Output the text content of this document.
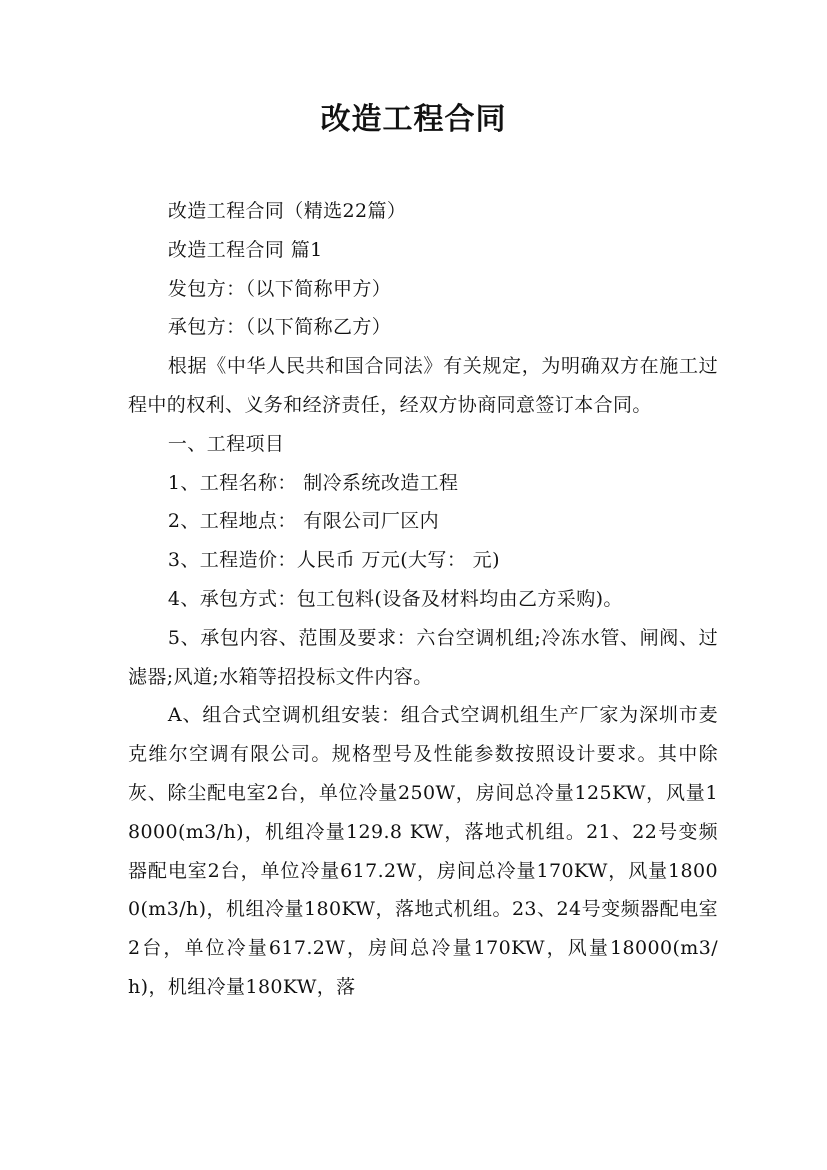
改造工程合同

改造工程合同（精选22篇）

改造工程合同 篇1

发包方：（以下简称甲方）

承包方：（以下简称乙方）

根据《中华人民共和国合同法》有关规定，为明确双方在施工过程中的权利、义务和经济责任，经双方协商同意签订本合同。

一、工程项目

1、工程名称： 制冷系统改造工程

2、工程地点： 有限公司厂区内

3、工程造价：人民币 万元(大写： 元)

4、承包方式：包工包料(设备及材料均由乙方采购)。

5、承包内容、范围及要求：六台空调机组;冷冻水管、闸阀、过滤器;风道;水箱等招投标文件内容。

A、组合式空调机组安装：组合式空调机组生产厂家为深圳市麦克维尔空调有限公司。规格型号及性能参数按照设计要求。其中除灰、除尘配电室2台，单位冷量250W，房间总冷量125KW，风量18000(m3/h)，机组冷量129.8 KW，落地式机组。21、22号变频器配电室2台，单位冷量617.2W，房间总冷量170KW，风量18000(m3/h)，机组冷量180KW，落地式机组。23、24号变频器配电室2台，单位冷量617.2W，房间总冷量170KW，风量18000(m3/h)，机组冷量180KW，落
